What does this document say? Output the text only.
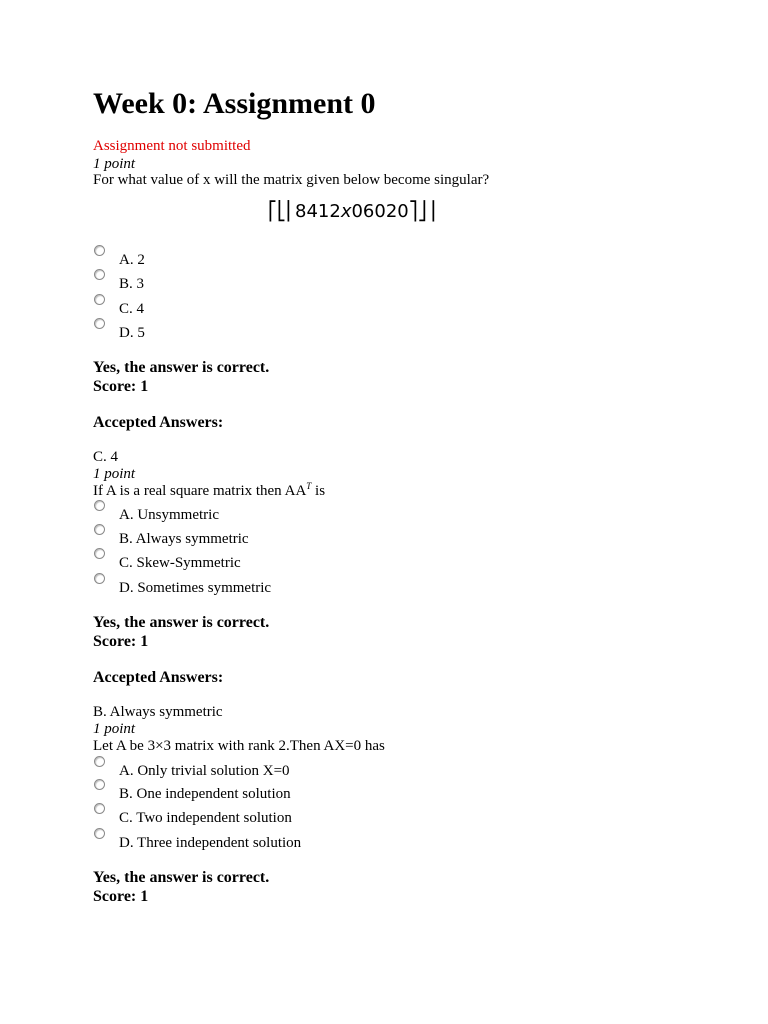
Week 0: Assignment 0
Assignment not submitted
1 point
For what value of x will the matrix given below become singular?
⎡⎣⎢8412x06020⎤⎦⎥
A. 2
B. 3
C. 4
D. 5
Yes, the answer is correct.
Score: 1
Accepted Answers:
C. 4
1 point
If A is a real square matrix then $AA^T$ is
A. Unsymmetric
B. Always symmetric
C. Skew-Symmetric
D. Sometimes symmetric
Yes, the answer is correct.
Score: 1
Accepted Answers:
B. Always symmetric
1 point
Let A be 3×3 matrix with rank 2.Then AX=0 has
A. Only trivial solution X=0
B. One independent solution
C. Two independent solution
D. Three independent solution
Yes, the answer is correct.
Score: 1
